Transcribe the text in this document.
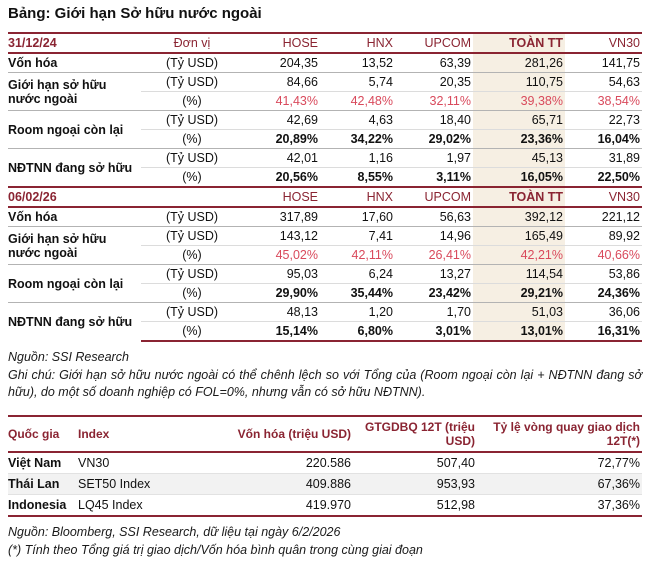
Bảng: Giới hạn Sở hữu nước ngoài
31/12/24	Đơn vị	HOSE	HNX	UPCOM	TOÀN TT	VN30
Vốn hóa	(Tỷ USD)	204,35	13,52	63,39	281,26	141,75
Giới hạn sở hữu nước ngoài	(Tỷ USD)	84,66	5,74	20,35	110,75	54,63
	(%)	41,43%	42,48%	32,11%	39,38%	38,54%
Room ngoại còn lại	(Tỷ USD)	42,69	4,63	18,40	65,71	22,73
	(%)	20,89%	34,22%	29,02%	23,36%	16,04%
NĐTNN đang sở hữu	(Tỷ USD)	42,01	1,16	1,97	45,13	31,89
	(%)	20,56%	8,55%	3,11%	16,05%	22,50%
06/02/26		HOSE	HNX	UPCOM	TOÀN TT	VN30
Vốn hóa	(Tỷ USD)	317,89	17,60	56,63	392,12	221,12
Giới hạn sở hữu nước ngoài	(Tỷ USD)	143,12	7,41	14,96	165,49	89,92
	(%)	45,02%	42,11%	26,41%	42,21%	40,66%
Room ngoại còn lại	(Tỷ USD)	95,03	6,24	13,27	114,54	53,86
	(%)	29,90%	35,44%	23,42%	29,21%	24,36%
NĐTNN đang sở hữu	(Tỷ USD)	48,13	1,20	1,70	51,03	36,06
	(%)	15,14%	6,80%	3,01%	13,01%	16,31%
Nguồn: SSI Research
Ghi chú: Giới hạn sở hữu nước ngoài có thể chênh lệch so với Tổng của (Room ngoại còn lại + NĐTNN đang sở hữu), do một số doanh nghiệp có FOL=0%, nhưng vẫn có sở hữu NĐTNN).
Quốc gia	Index	Vốn hóa (triệu USD)	GTGDBQ 12T (triệu USD)	Tỷ lệ vòng quay giao dịch 12T(*)
Việt Nam	VN30	220.586	507,40	72,77%
Thái Lan	SET50 Index	409.886	953,93	67,36%
Indonesia	LQ45 Index	419.970	512,98	37,36%
Nguồn: Bloomberg, SSI Research, dữ liệu tại ngày 6/2/2026
(*) Tính theo Tổng giá trị giao dịch/Vốn hóa bình quân trong cùng giai đoạn
